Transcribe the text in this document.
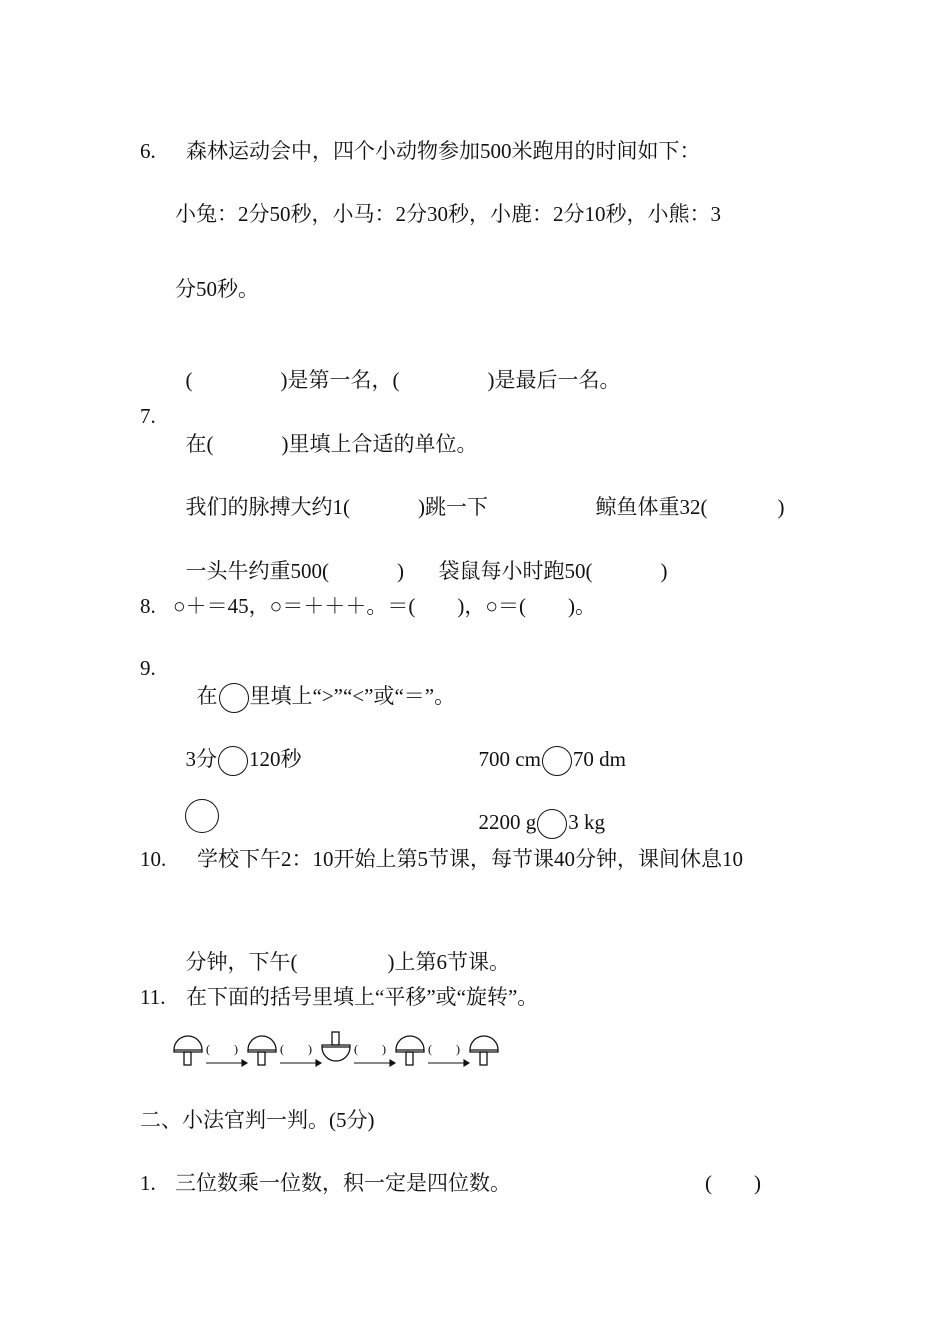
6. 森林运动会中，四个小动物参加500米跑用的时间如下：
小兔：2分50秒，小马：2分30秒，小鹿：2分10秒，小熊：3
分50秒。

(	)是第一名，(	)是最后一名。

7.

在(	)里填上合适的单位。

我们的脉搏大约1(	)跳一下	鲸鱼体重32(	)

一头牛约重500(	)	袋鼠每小时跑50(	)

8. ○＋＝45，○＝＋＋＋。＝(　　)，○＝(　　)。
9.

在 里填上“>”“<”或“＝”。

3分 120秒	700 cm 70 dm

2200 g 3 kg

10. 学校下午2：10开始上第5节课，每节课40分钟，课间休息10

分钟，下午(	)上第6节课。

11. 在下面的括号里填上“平移”或“旋转”。
(　　)	(　　)	(　　)	(　　)
二、小法官判一判。(5分)
1. 三位数乘一位数，积一定是四位数。	(　　)
